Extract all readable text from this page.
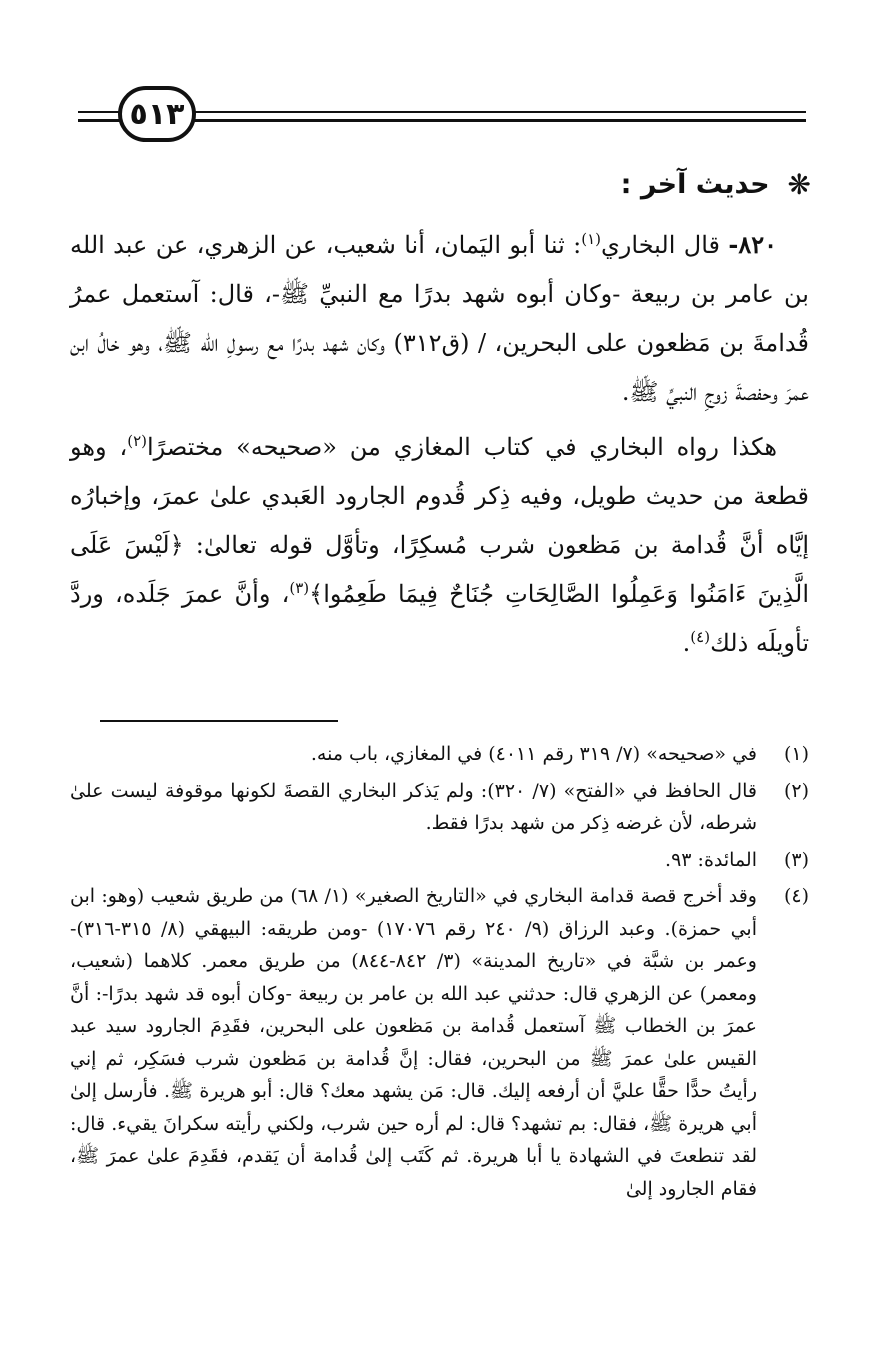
٥١٣
❋
حديث آخر :

٨٢٠- قال البخاري$^{(١)}$: ثنا أبو اليَمان، أنا شعيب، عن الزهري، عن عبد الله بن عامر بن ربيعة -وكان أبوه شهد بدرًا مع النبيِّ ﷺ-، قال: آستعمل عمرُ قُدامةَ بن مَظعون على البحرين، / (ق٣١٢) وكان شهد بدرًا مع رسولِ الله ﷺ، وهو خالُ ابن عمرَ وحفصةَ زوجِ النبيِّ ﷺ.

هكذا رواه البخاري في كتاب المغازي من «صحيحه» مختصرًا$^{(٢)}$، وهو قطعة من حديث طويل، وفيه ذِكر قُدوم الجارود العَبدي علىٰ عمرَ، وإخبارُه إيَّاه أنَّ قُدامة بن مَظعون شرب مُسكِرًا، وتأوَّل قوله تعالىٰ: ﴿لَيْسَ عَلَى الَّذِينَ ءَامَنُوا وَعَمِلُوا الصَّالِحَاتِ جُنَاحٌ فِيمَا طَعِمُوا﴾$^{(٣)}$، وأنَّ عمرَ جَلَده، وردَّ تأويلَه ذلك$^{(٤)}$.

(١)
في «صحيحه» (٧/ ٣١٩ رقم ٤٠١١) في المغازي، باب منه.
(٢)
قال الحافظ في «الفتح» (٧/ ٣٢٠): ولم يَذكر البخاري القصةَ لكونها موقوفة ليست علىٰ شرطه، لأن غرضه ذِكر من شهد بدرًا فقط.
(٣)
المائدة: ٩٣.
(٤)
وقد أخرج قصة قدامة البخاري في «التاريخ الصغير» (١/ ٦٨) من طريق شعيب (وهو: ابن أبي حمزة). وعبد الرزاق (٩/ ٢٤٠ رقم ١٧٠٧٦) -ومن طريقه: البيهقي (٨/ ٣١٥-٣١٦)- وعمر بن شبَّة في «تاريخ المدينة» (٣/ ٨٤٢-٨٤٤) من طريق معمر. كلاهما (شعيب، ومعمر) عن الزهري قال: حدثني عبد الله بن عامر بن ربيعة -وكان أبوه قد شهد بدرًا-: أنَّ عمرَ بن الخطاب ﷺ آستعمل قُدامة بن مَظعون على البحرين، فقَدِمَ الجارود سيد عبد القيس علىٰ عمرَ ﷺ من البحرين، فقال: إنَّ قُدامة بن مَظعون شرب فسَكِر، ثم إني رأيتُ حدًّا حقًّا عليَّ أن أرفعه إليك. قال: مَن يشهد معك؟ قال: أبو هريرة ﷺ. فأرسل إلىٰ أبي هريرة ﷺ، فقال: بم تشهد؟ قال: لم أره حين شرب، ولكني رأيته سكرانَ يقيء. قال: لقد تنطعتَ في الشهادة يا أبا هريرة. ثم كَتَب إلىٰ قُدامة أن يَقدم، فقَدِمَ علىٰ عمرَ ﷺ، فقام الجارود إلىٰ
